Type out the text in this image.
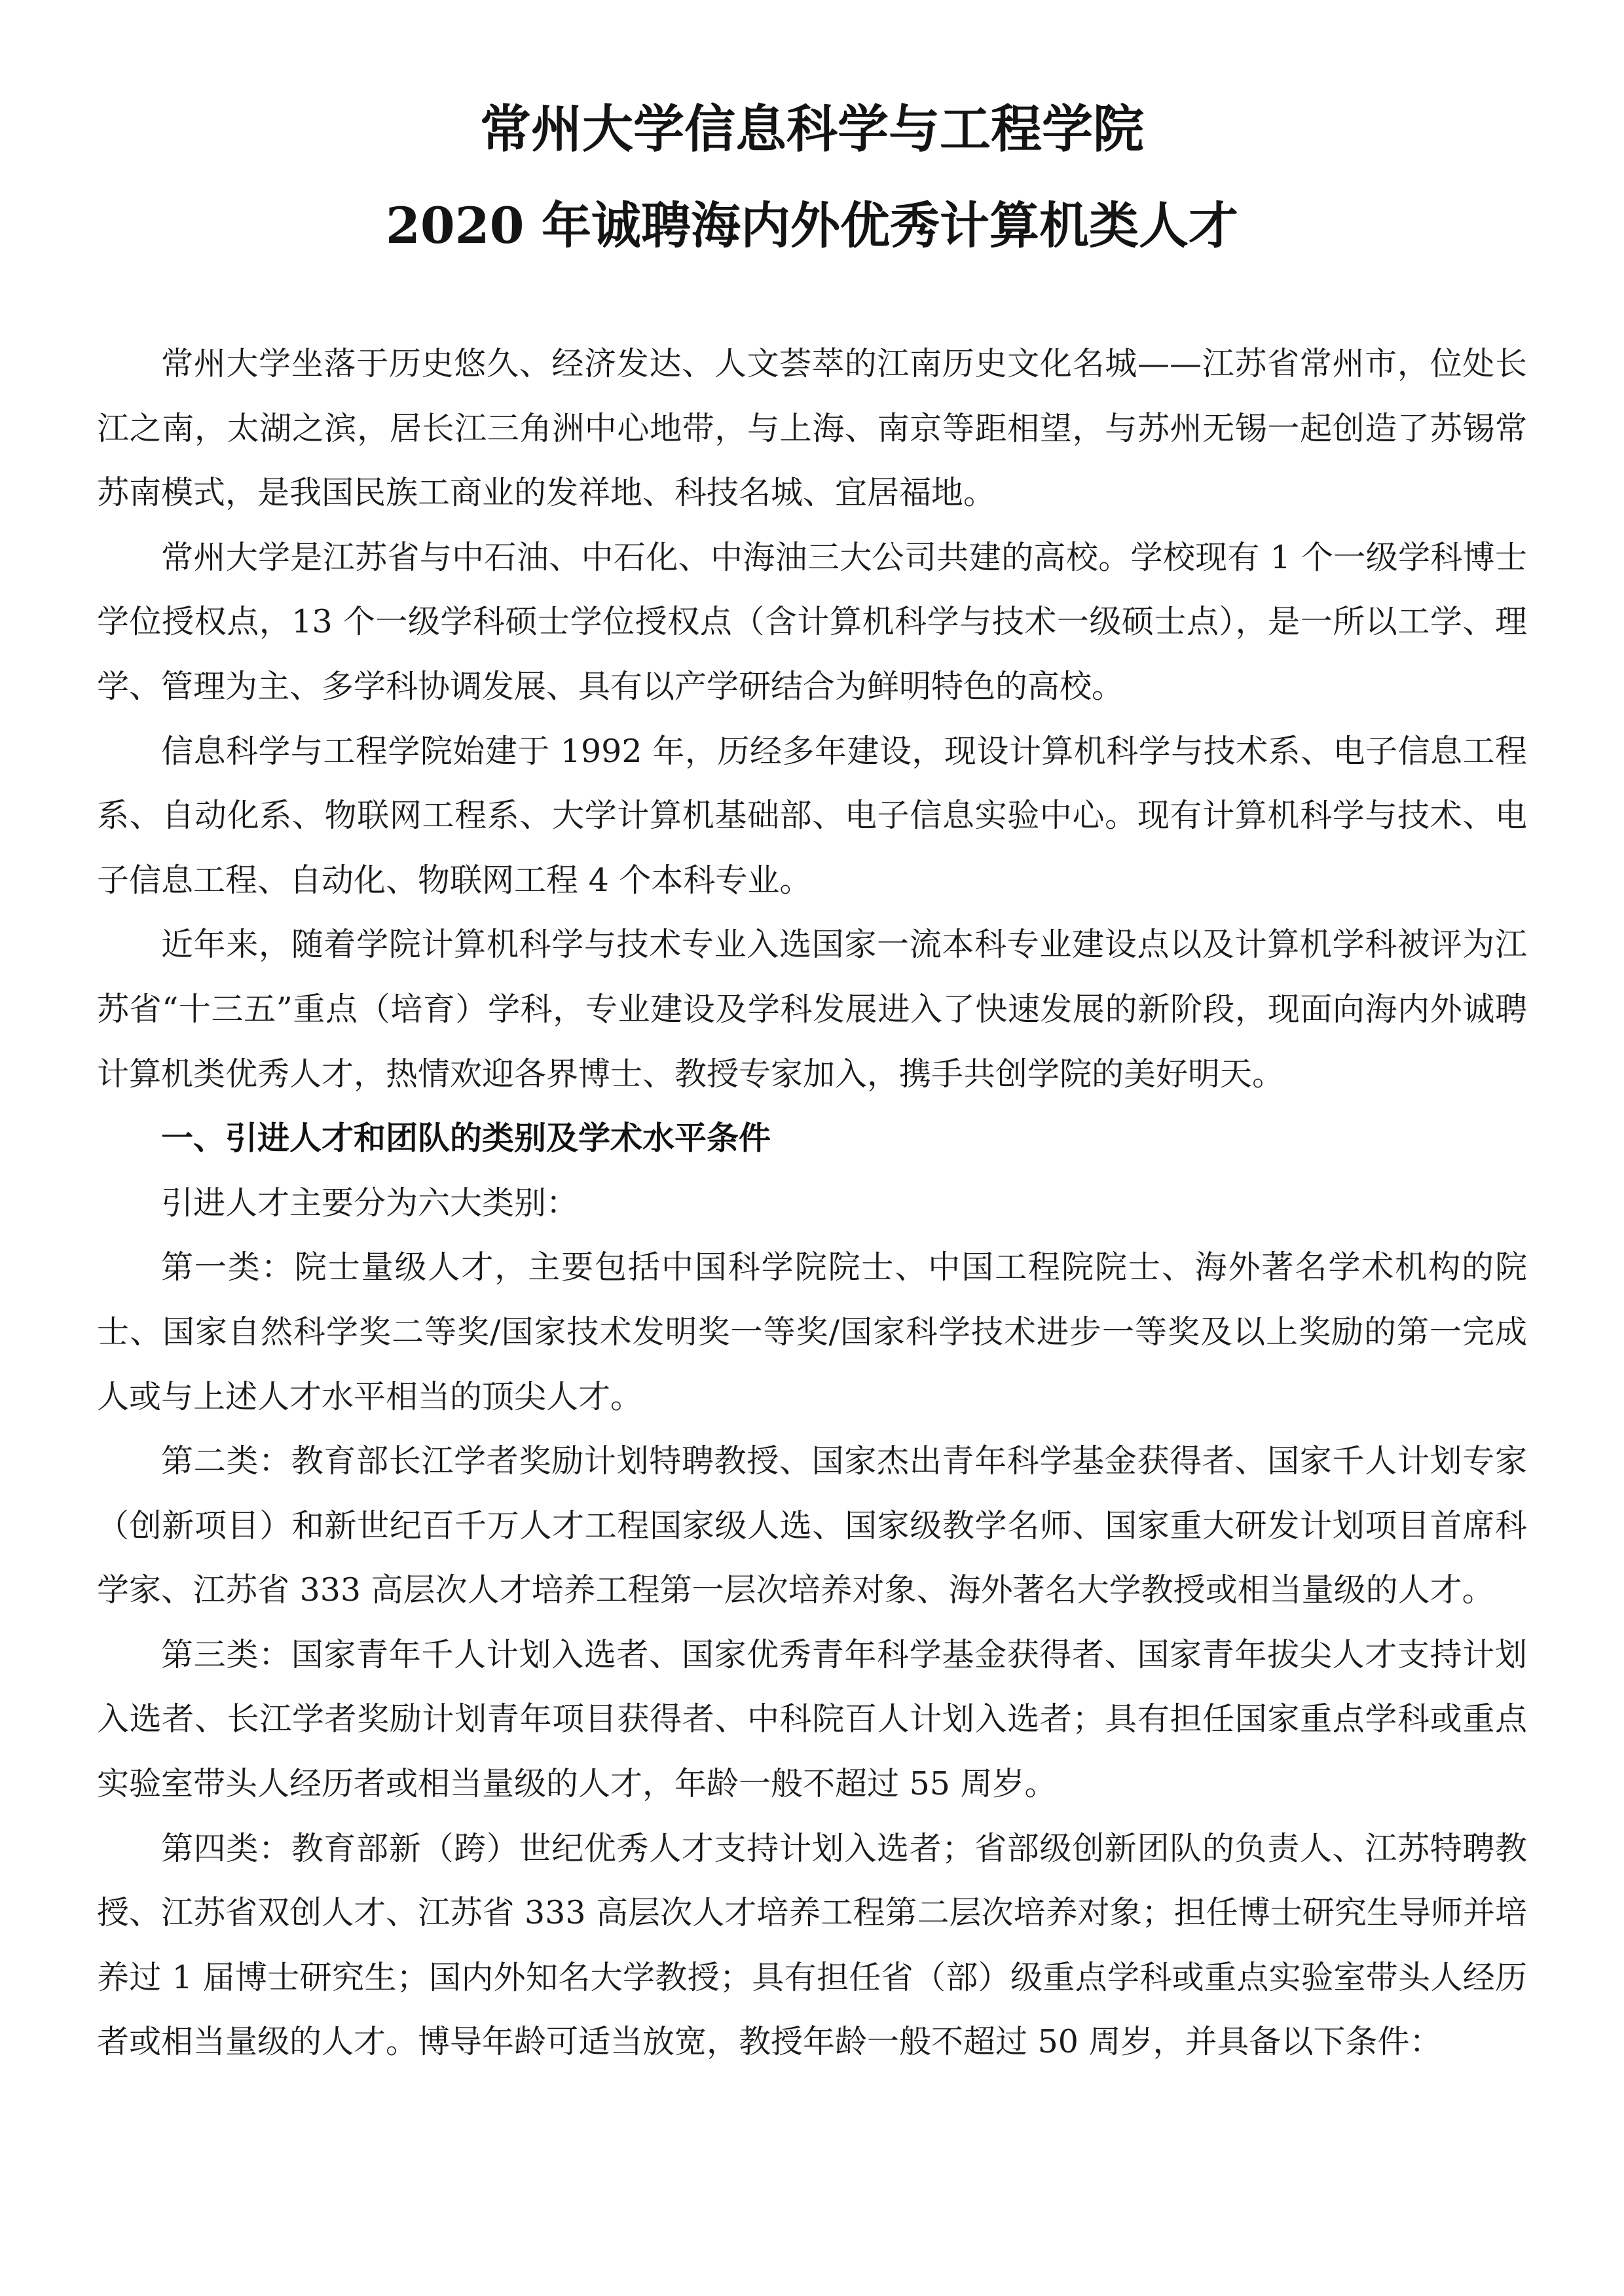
常州大学信息科学与工程学院
2020 年诚聘海内外优秀计算机类人才

常州大学坐落于历史悠久、经济发达、人文荟萃的江南历史文化名城——江苏省常州市，位处长江之南，太湖之滨，居长江三角洲中心地带，与上海、南京等距相望，与苏州无锡一起创造了苏锡常苏南模式，是我国民族工商业的发祥地、科技名城、宜居福地。

常州大学是江苏省与中石油、中石化、中海油三大公司共建的高校。学校现有 1 个一级学科博士学位授权点，13 个一级学科硕士学位授权点（含计算机科学与技术一级硕士点），是一所以工学、理学、管理为主、多学科协调发展、具有以产学研结合为鲜明特色的高校。

信息科学与工程学院始建于 1992 年，历经多年建设，现设计算机科学与技术系、电子信息工程系、自动化系、物联网工程系、大学计算机基础部、电子信息实验中心。现有计算机科学与技术、电子信息工程、自动化、物联网工程 4 个本科专业。

近年来，随着学院计算机科学与技术专业入选国家一流本科专业建设点以及计算机学科被评为江苏省“十三五”重点（培育）学科，专业建设及学科发展进入了快速发展的新阶段，现面向海内外诚聘计算机类优秀人才，热情欢迎各界博士、教授专家加入，携手共创学院的美好明天。

一、引进人才和团队的类别及学术水平条件

引进人才主要分为六大类别：

第一类：院士量级人才，主要包括中国科学院院士、中国工程院院士、海外著名学术机构的院士、国家自然科学奖二等奖/国家技术发明奖一等奖/国家科学技术进步一等奖及以上奖励的第一完成人或与上述人才水平相当的顶尖人才。

第二类：教育部长江学者奖励计划特聘教授、国家杰出青年科学基金获得者、国家千人计划专家（创新项目）和新世纪百千万人才工程国家级人选、国家级教学名师、国家重大研发计划项目首席科学家、江苏省 333 高层次人才培养工程第一层次培养对象、海外著名大学教授或相当量级的人才。

第三类：国家青年千人计划入选者、国家优秀青年科学基金获得者、国家青年拔尖人才支持计划入选者、长江学者奖励计划青年项目获得者、中科院百人计划入选者；具有担任国家重点学科或重点实验室带头人经历者或相当量级的人才，年龄一般不超过 55 周岁。

第四类：教育部新（跨）世纪优秀人才支持计划入选者；省部级创新团队的负责人、江苏特聘教授、江苏省双创人才、江苏省 333 高层次人才培养工程第二层次培养对象；担任博士研究生导师并培养过 1 届博士研究生；国内外知名大学教授；具有担任省（部）级重点学科或重点实验室带头人经历者或相当量级的人才。博导年龄可适当放宽，教授年龄一般不超过 50 周岁，并具备以下条件：
